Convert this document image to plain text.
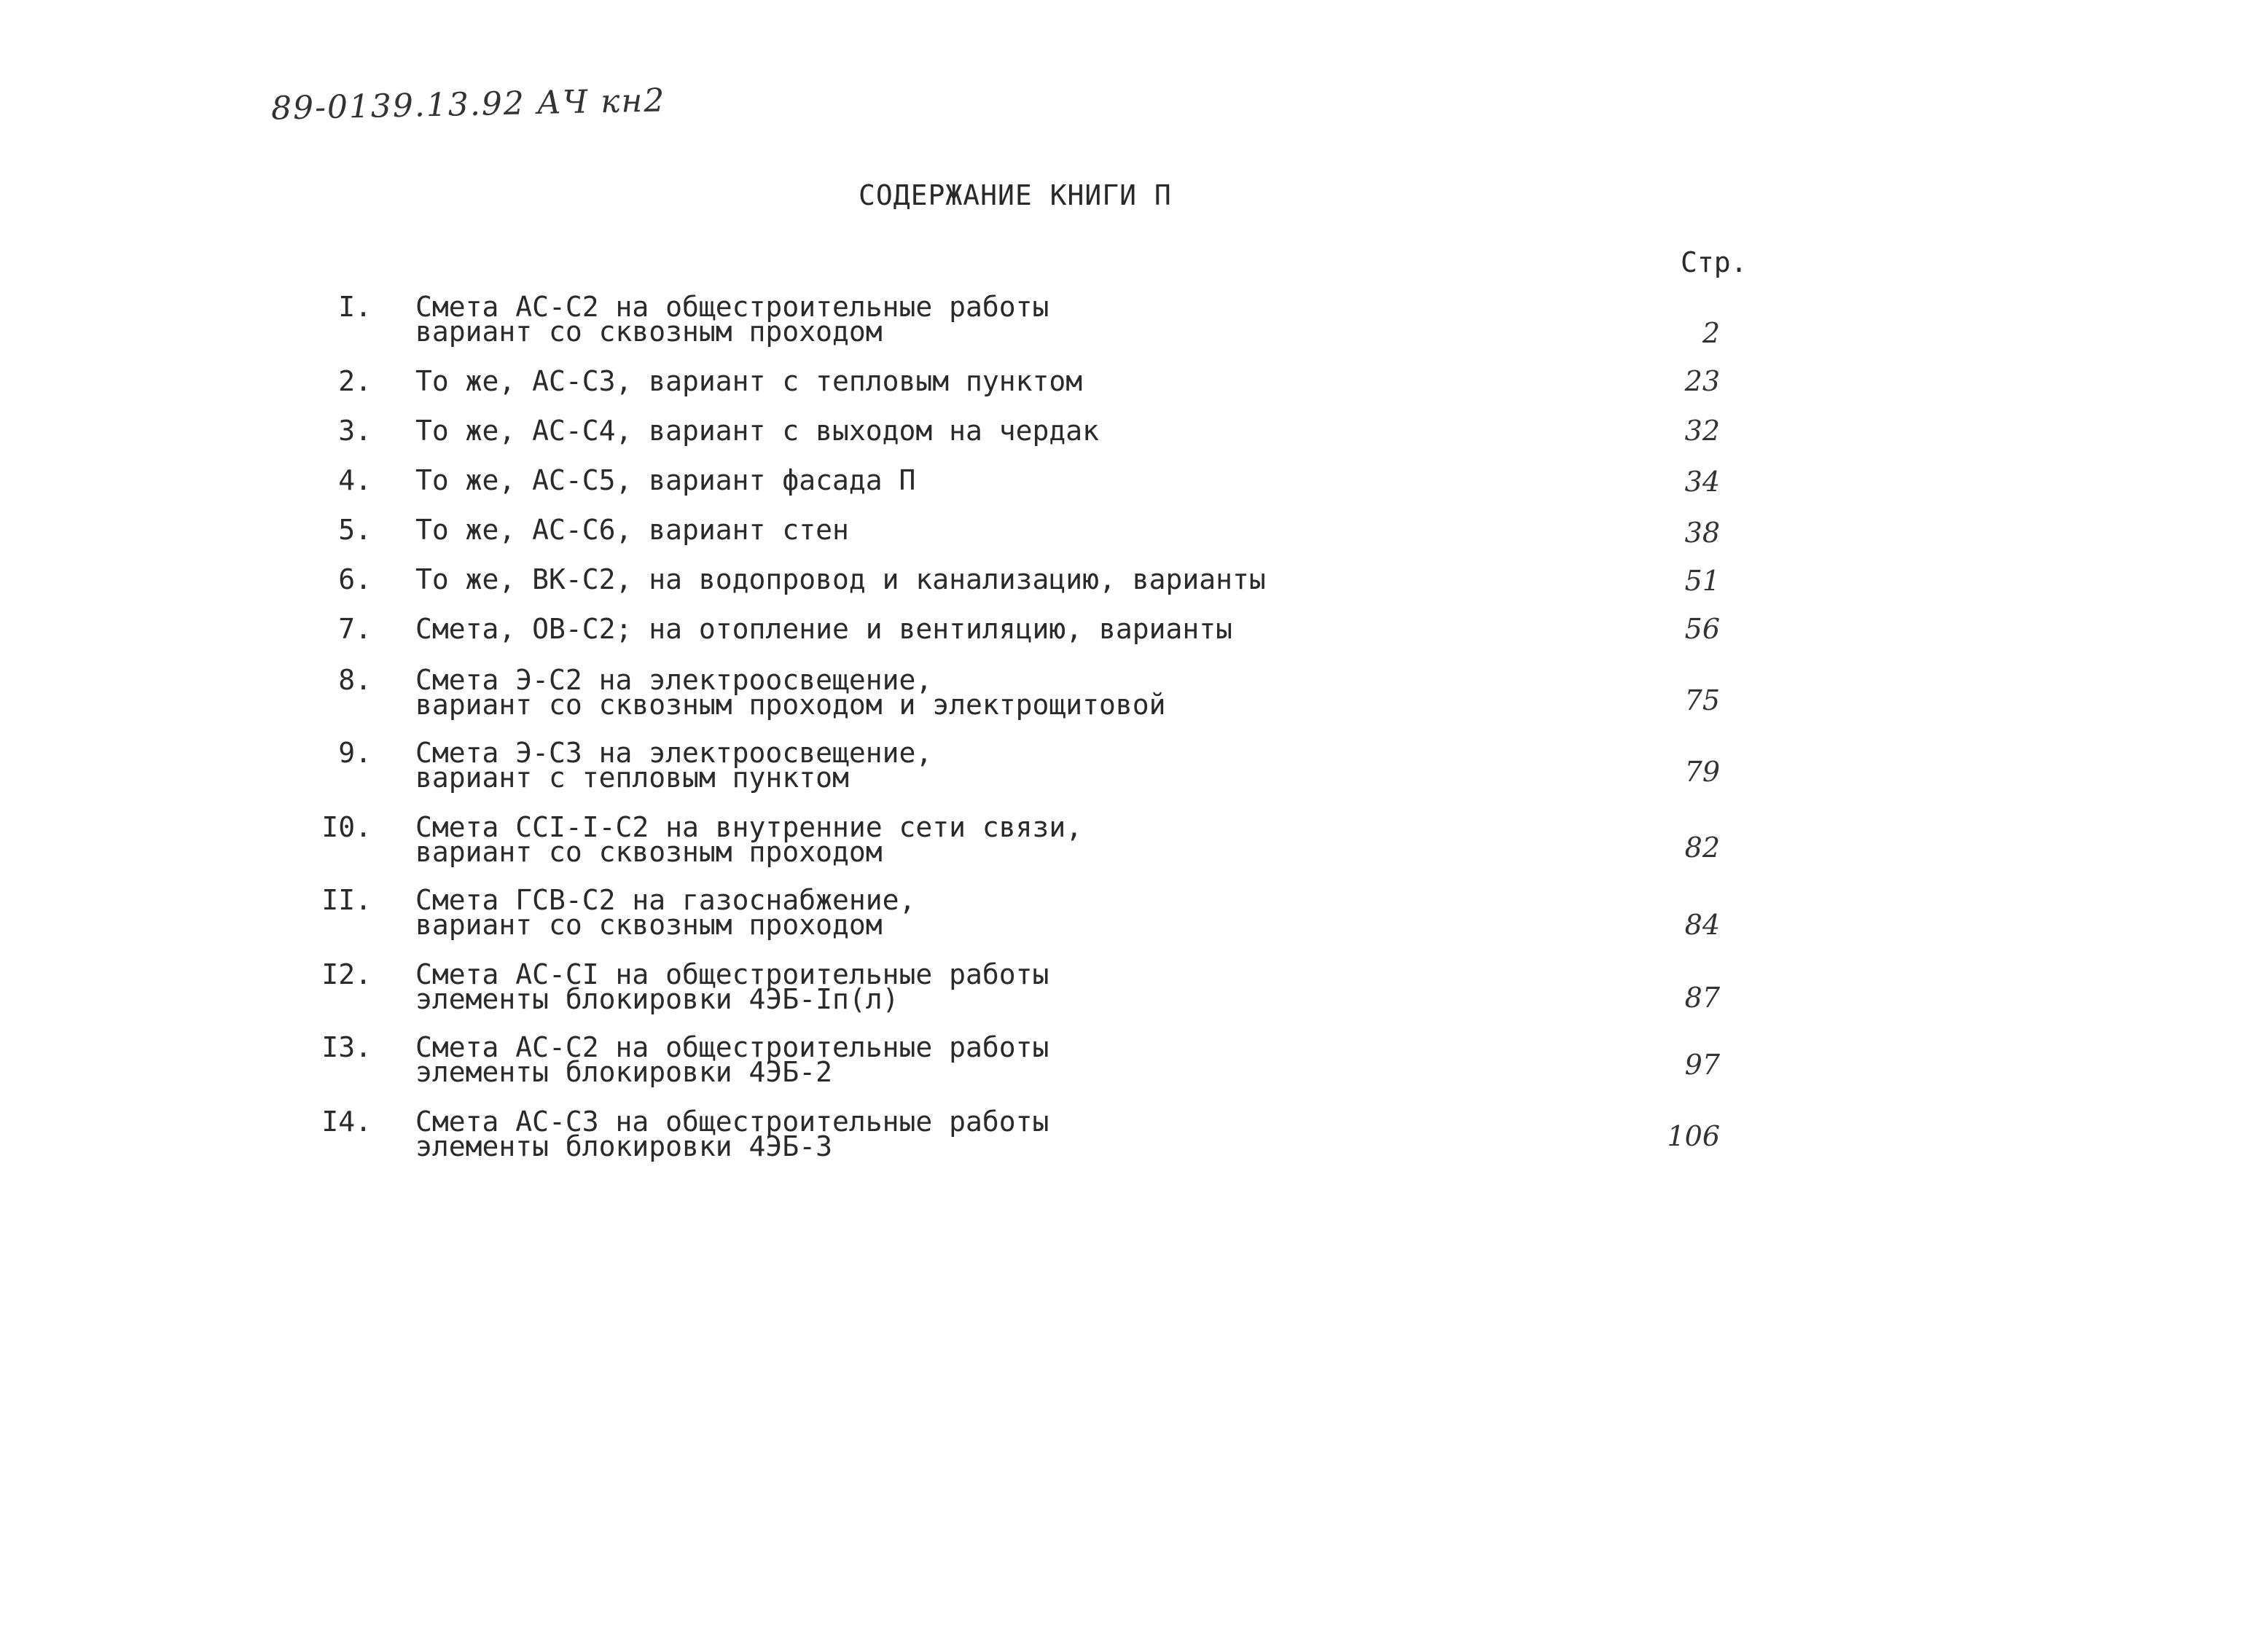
89-0139.13.92 АЧ кн2
СОДЕРЖАНИЕ КНИГИ П
Стр.
I. Смета АС-С2 на общестроительные работы
вариант со сквозным проходом	2
2. То же, АС-С3, вариант с тепловым пунктом	23
3. То же, АС-С4, вариант с выходом на чердак	32
4. То же, АС-С5, вариант фасада П	34
5. То же, АС-С6, вариант стен	38
6. То же, ВК-С2, на водопровод и канализацию, варианты	51
7. Смета, ОВ-С2; на отопление и вентиляцию, варианты	56
8. Смета Э-С2 на электроосвещение,
вариант со сквозным проходом и электрощитовой	75
9. Смета Э-С3 на электроосвещение,
вариант с тепловым пунктом	79
I0. Смета ССI-I-С2 на внутренние сети связи,
вариант со сквозным проходом	82
II. Смета ГСВ-С2 на газоснабжение,
вариант со сквозным проходом	84
I2. Смета АС-СI на общестроительные работы
элементы блокировки 4ЭБ-Iп(л)	87
I3. Смета АС-С2 на общестроительные работы
элементы блокировки 4ЭБ-2	97
I4. Смета АС-С3 на общестроительные работы
элементы блокировки 4ЭБ-3	106
